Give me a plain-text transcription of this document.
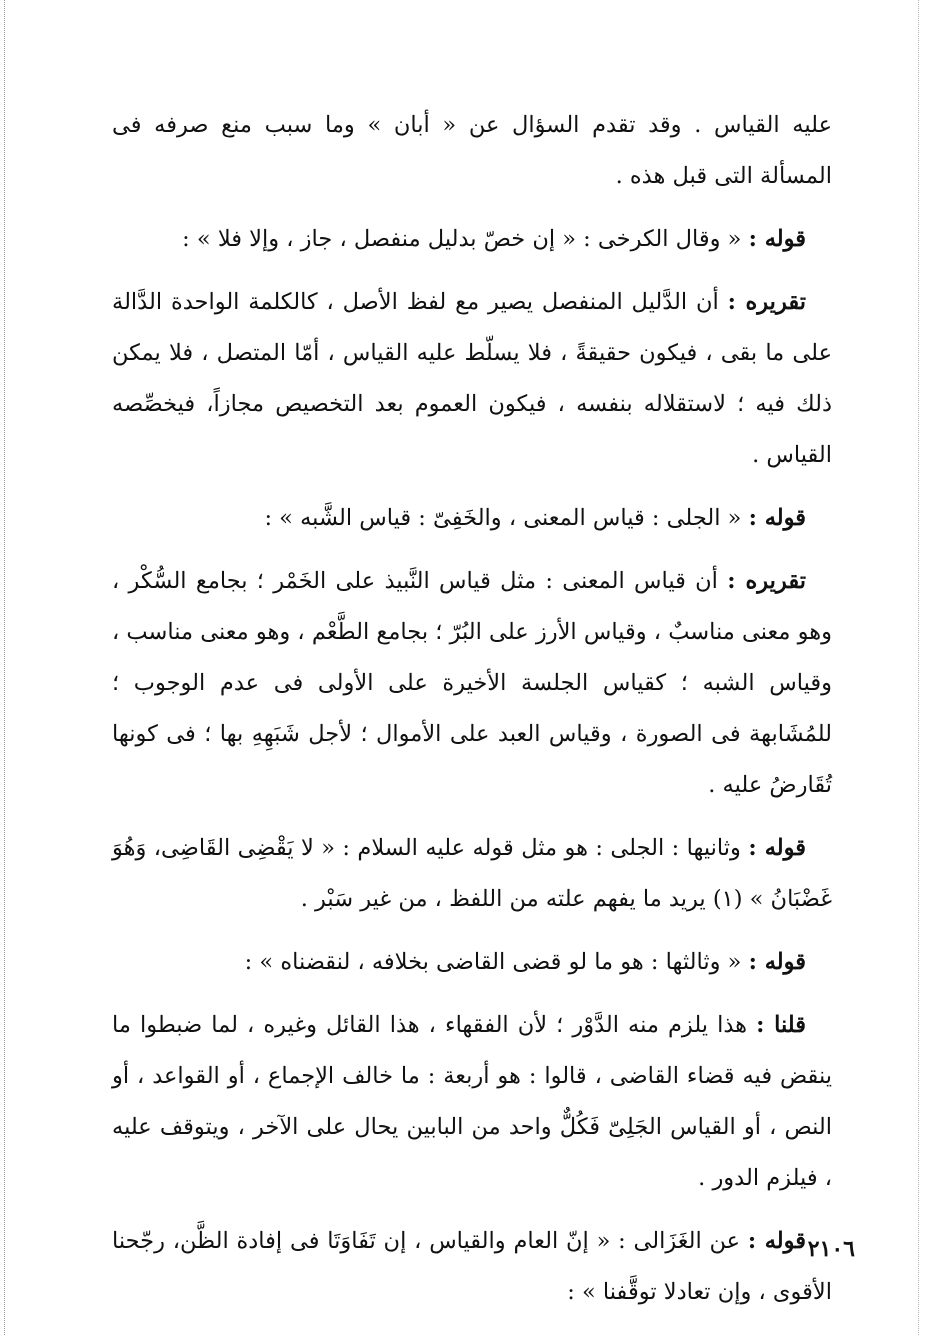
عليه القياس . وقد تقدم السؤال عن « أبان » وما سبب منع صرفه فى المسألة التى قبل هذه .

قوله : « وقال الكرخى : « إن خصّ بدليل منفصل ، جاز ، وإلا فلا » :

تقريره : أن الدَّليل المنفصل يصير مع لفظ الأصل ، كالكلمة الواحدة الدَّالة على ما بقى ، فيكون حقيقةً ، فلا يسلّط عليه القياس ، أمّا المتصل ، فلا يمكن ذلك فيه ؛ لاستقلاله بنفسه ، فيكون العموم بعد التخصيص مجازاً، فيخصِّصه القياس .

قوله : « الجلى : قياس المعنى ، والخَفِىّ : قياس الشَّبه » :

تقريره : أن قياس المعنى : مثل قياس النَّبيذ على الخَمْر ؛ بجامع السُّكْر ، وهو معنى مناسبٌ ، وقياس الأرز على البُرّ ؛ بجامع الطَّعْم ، وهو معنى مناسب ، وقياس الشبه ؛ كقياس الجلسة الأخيرة على الأولى فى عدم الوجوب ؛ للمُشَابهة فى الصورة ، وقياس العبد على الأموال ؛ لأجل شَبَهِهِ بها ؛ فى كونها تُقَارضُ عليه .

قوله : وثانيها : الجلى : هو مثل قوله عليه السلام : « لا يَقْضِى القَاضِى، وَهُوَ غَضْبَانُ » (١) يريد ما يفهم علته من اللفظ ، من غير سَبْر .

قوله : « وثالثها : هو ما لو قضى القاضى بخلافه ، لنقضناه » :

قلنا : هذا يلزم منه الدَّوْر ؛ لأن الفقهاء ، هذا القائل وغيره ، لما ضبطوا ما ينقض فيه قضاء القاضى ، قالوا : هو أربعة : ما خالف الإجماع ، أو القواعد ، أو النص ، أو القياس الجَلِىّ فَكُلٌّ واحد من البابين يحال على الآخر ، ويتوقف عليه ، فيلزم الدور .

قوله : عن الغَزَالى : « إنّ العام والقياس ، إن تَفَاوَتَا فى إفادة الظَّن، رجّحنا الأقوى ، وإن تعادلا توقَّفنا » :

٢١٠٦
